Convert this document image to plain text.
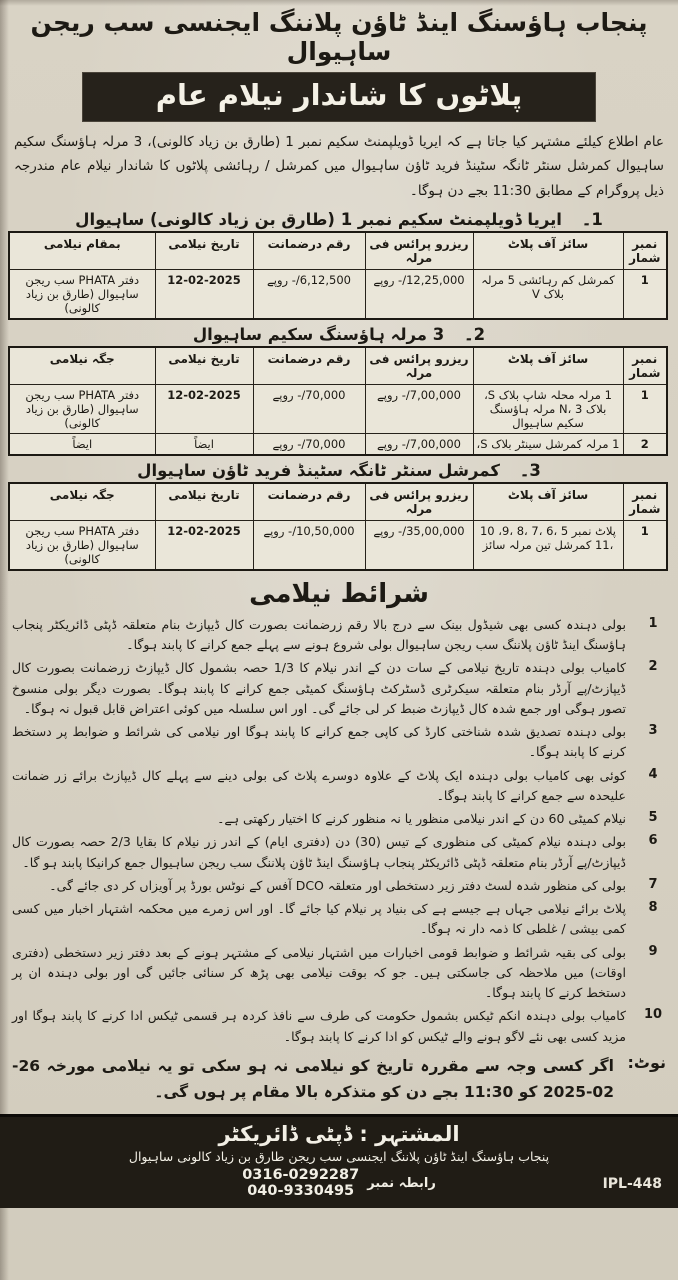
پنجاب ہاؤسنگ اینڈ ٹاؤن پلاننگ ایجنسی سب ریجن ساہیوال
پلاٹوں کا شاندار نیلام عام
عام اطلاع کیلئے مشتہر کیا جاتا ہے کہ ایریا ڈویلپمنٹ سکیم نمبر 1 (طارق بن زیاد کالونی)، 3 مرلہ ہاؤسنگ سکیم ساہیوال کمرشل سنٹر ٹانگہ سٹینڈ فرید ٹاؤن ساہیوال میں کمرشل / رہائشی پلاٹوں کا شاندار نیلام عام مندرجہ ذیل پروگرام کے مطابق 11:30 بجے دن ہوگا۔
1۔ ایریا ڈویلپمنٹ سکیم نمبر 1 (طارق بن زیاد کالونی) ساہیوال
نمبر شمار	سائز آف پلاٹ	ریزرو پرائس فی مرلہ	رقم درضمانت	تاریخ نیلامی	بمقام نیلامی
1	کمرشل کم رہائشی 5 مرلہ بلاک V	12,25,000/- روپے	6,12,500/- روپے	12-02-2025	دفتر PHATA سب ریجن ساہیوال (طارق بن زیاد کالونی)
2۔ 3 مرلہ ہاؤسنگ سکیم ساہیوال
نمبر شمار	سائز آف پلاٹ	ریزرو پرائس فی مرلہ	رقم درضمانت	تاریخ نیلامی	جگہ نیلامی
1	1 مرلہ محلہ شاپ بلاک S، بلاک N، 3 مرلہ ہاؤسنگ سکیم ساہیوال	7,00,000/- روپے	70,000/- روپے	12-02-2025	دفتر PHATA سب ریجن ساہیوال (طارق بن زیاد کالونی)
2	1 مرلہ کمرشل سینٹر بلاک S،	7,00,000/- روپے	70,000/- روپے	ایضاً	ایضاً
3۔ کمرشل سنٹر ٹانگہ سٹینڈ فرید ٹاؤن ساہیوال
نمبر شمار	سائز آف پلاٹ	ریزرو پرائس فی مرلہ	رقم درضمانت	تاریخ نیلامی	جگہ نیلامی
1	پلاٹ نمبر 5 ،6 ،7 ،8 ،9، 10 ،11 کمرشل تین مرلہ سائز	35,00,000/- روپے	10,50,000/- روپے	12-02-2025	دفتر PHATA سب ریجن ساہیوال (طارق بن زیاد کالونی)
شرائط نیلامی
1
بولی دہندہ کسی بھی شیڈول بینک سے درج بالا رقم زرضمانت بصورت کال ڈیپازٹ بنام متعلقہ ڈپٹی ڈائریکٹر پنجاب ہاؤسنگ اینڈ ٹاؤن پلاننگ سب ریجن ساہیوال بولی شروع ہونے سے پہلے جمع کرانے کا پابند ہوگا۔
2
کامیاب بولی دہندہ تاریخ نیلامی کے سات دن کے اندر نیلام کا 1/3 حصہ بشمول کال ڈیپازٹ زرضمانت بصورت کال ڈیپازٹ/پے آرڈر بنام متعلقہ سیکرٹری ڈسٹرکٹ ہاؤسنگ کمیٹی جمع کرانے کا پابند ہوگا۔ بصورت دیگر بولی منسوخ تصور ہوگی اور جمع شدہ کال ڈیپازٹ ضبط کر لی جائے گی۔ اور اس سلسلہ میں کوئی اعتراض قابل قبول نہ ہوگا۔
3
بولی دہندہ تصدیق شدہ شناختی کارڈ کی کاپی جمع کرانے کا پابند ہوگا اور نیلامی کی شرائط و ضوابط پر دستخط کرنے کا پابند ہوگا۔
4
کوئی بھی کامیاب بولی دہندہ ایک پلاٹ کے علاوہ دوسرے پلاٹ کی بولی دینے سے پہلے کال ڈیپازٹ برائے زر ضمانت علیحدہ سے جمع کرانے کا پابند ہوگا۔
5
نیلام کمیٹی 60 دن کے اندر نیلامی منظور یا نہ منظور کرنے کا اختیار رکھتی ہے۔
6
بولی دہندہ نیلام کمیٹی کی منظوری کے تیس (30) دن (دفتری ایام) کے اندر زر نیلام کا بقایا 2/3 حصہ بصورت کال ڈیپازٹ/پے آرڈر بنام متعلقہ ڈپٹی ڈائریکٹر پنجاب ہاؤسنگ اینڈ ٹاؤن پلاننگ سب ریجن ساہیوال جمع کرانیکا پابند ہو گا۔
7
بولی کی منظور شدہ لسٹ دفتر زیر دستخطی اور متعلقہ DCO آفس کے نوٹس بورڈ پر آویزاں کر دی جائے گی۔
8
پلاٹ برائے نیلامی جہاں ہے جیسے ہے کی بنیاد پر نیلام کیا جائے گا۔ اور اس زمرے میں محکمہ اشتہار اخبار میں کسی کمی بیشی / غلطی کا ذمہ دار نہ ہوگا۔
9
بولی کی بقیہ شرائط و ضوابط قومی اخبارات میں اشتہار نیلامی کے مشتہر ہونے کے بعد دفتر زیر دستخطی (دفتری اوقات) میں ملاحظہ کی جاسکتی ہیں۔ جو کہ بوقت نیلامی بھی پڑھ کر سنائی جائیں گی اور بولی دہندہ ان پر دستخط کرنے کا پابند ہوگا۔
10
کامیاب بولی دہندہ انکم ٹیکس بشمول حکومت کی طرف سے نافذ کردہ ہر قسمی ٹیکس ادا کرنے کا پابند ہوگا اور مزید کسی بھی نئے لاگو ہونے والے ٹیکس کو ادا کرنے کا پابند ہوگا۔
نوٹ:
اگر کسی وجہ سے مقررہ تاریخ کو نیلامی نہ ہو سکی تو یہ نیلامی مورخہ 26-02-2025 کو 11:30 بجے دن کو متذکرہ بالا مقام پر ہوں گی۔
المشتہر : ڈپٹی ڈائریکٹر
پنجاب ہاؤسنگ اینڈ ٹاؤن پلاننگ ایجنسی سب ریجن طارق بن زیاد کالونی ساہیوال
رابطہ نمبر
0316-0292287
040-9330495	IPL-448
